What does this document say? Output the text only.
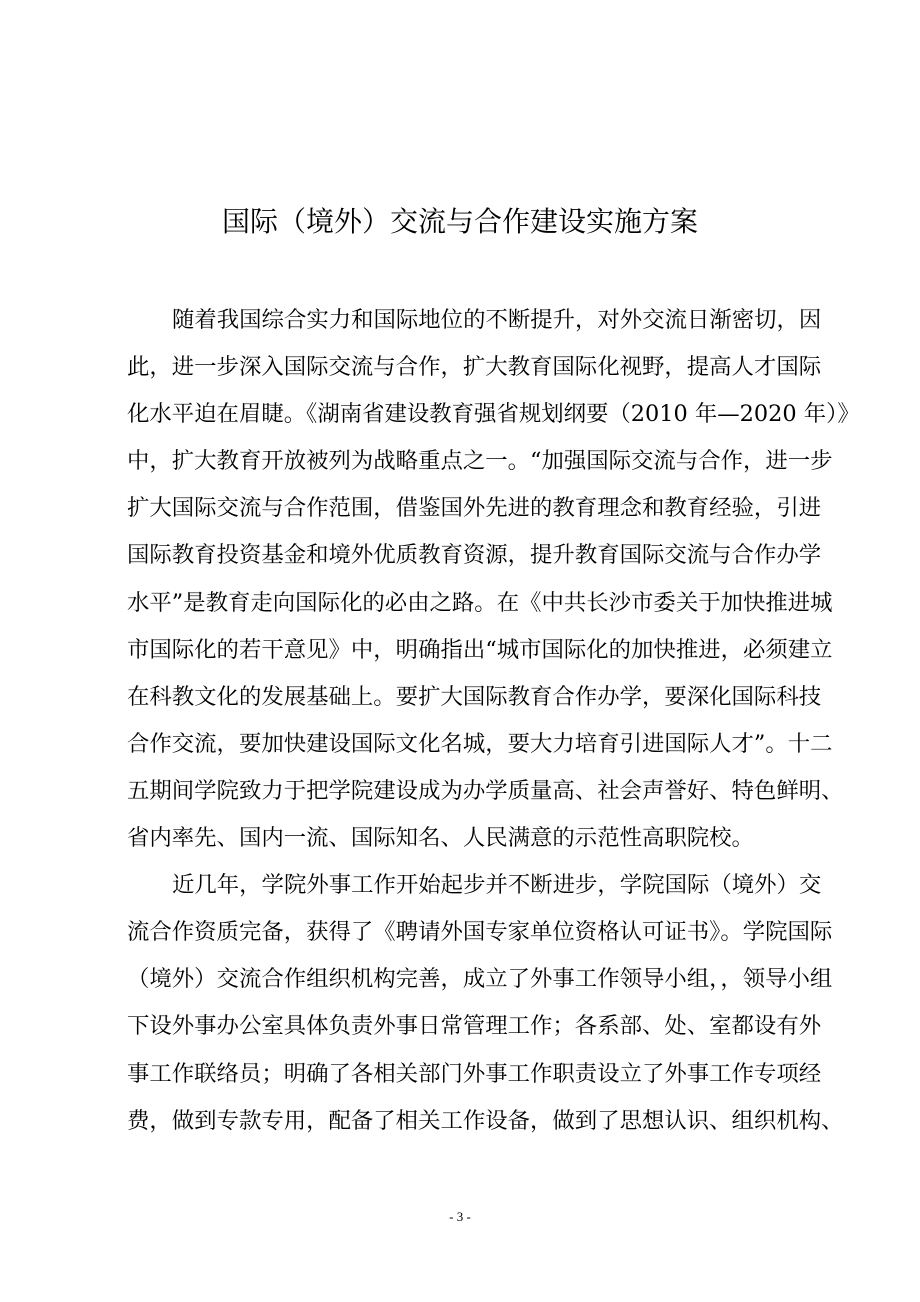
国际（境外）交流与合作建设实施方案
随着我国综合实力和国际地位的不断提升，对外交流日渐密切，因
此，进一步深入国际交流与合作，扩大教育国际化视野，提高人才国际
化水平迫在眉睫。《湖南省建设教育强省规划纲要（2010 年—2020 年）》
中，扩大教育开放被列为战略重点之一。“加强国际交流与合作，进一步
扩大国际交流与合作范围，借鉴国外先进的教育理念和教育经验，引进
国际教育投资基金和境外优质教育资源，提升教育国际交流与合作办学
水平”是教育走向国际化的必由之路。在《中共长沙市委关于加快推进城
市国际化的若干意见》中，明确指出“城市国际化的加快推进，必须建立
在科教文化的发展基础上。要扩大国际教育合作办学，要深化国际科技
合作交流，要加快建设国际文化名城，要大力培育引进国际人才”。十二
五期间学院致力于把学院建设成为办学质量高、社会声誉好、特色鲜明、
省内率先、国内一流、国际知名、人民满意的示范性高职院校。
近几年，学院外事工作开始起步并不断进步，学院国际（境外）交
流合作资质完备，获得了《聘请外国专家单位资格认可证书》。学院国际
（境外）交流合作组织机构完善，成立了外事工作领导小组，，领导小组
下设外事办公室具体负责外事日常管理工作；各系部、处、室都设有外
事工作联络员；明确了各相关部门外事工作职责设立了外事工作专项经
费，做到专款专用，配备了相关工作设备，做到了思想认识、组织机构、
- 3 -
